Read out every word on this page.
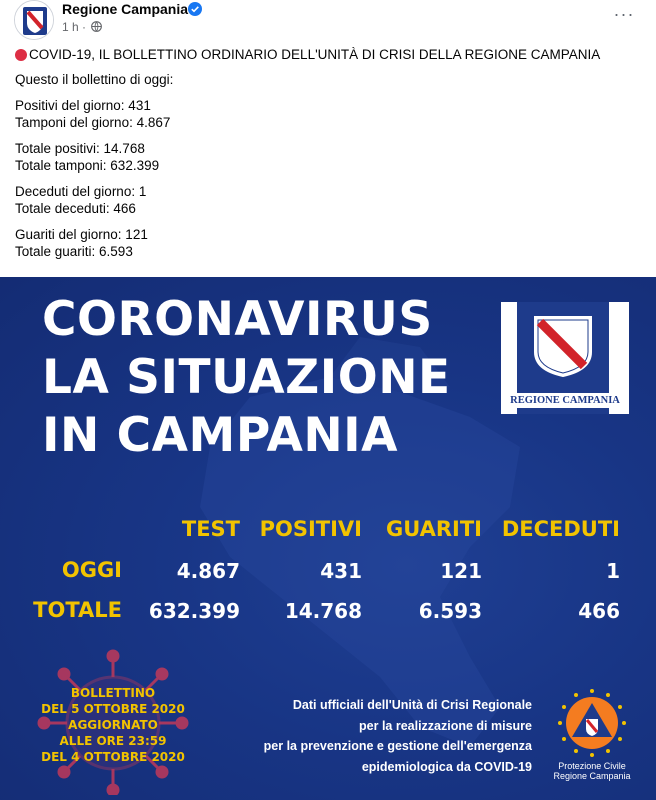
Regione Campania
1 h ·
···

COVID-19, IL BOLLETTINO ORDINARIO DELL'UNITÀ DI CRISI DELLA REGIONE CAMPANIA

Questo il bollettino di oggi:

Positivi del giorno: 431

Tamponi del giorno: 4.867

Totale positivi: 14.768

Totale tamponi: 632.399

Deceduti del giorno: 1

Totale deceduti: 466

Guariti del giorno: 121

Totale guariti: 6.593

CORONAVIRUS
LA SITUAZIONE
IN CAMPANIA
REGIONE CAMPANIA
TEST POSITIVI	GUARITI DECEDUTI
OGGI	4.867	431	121	1
TOTALE	632.399	14.768	6.593	466
BOLLETTINO
DEL 5 OTTOBRE 2020
AGGIORNATO
ALLE ORE 23:59
DEL 4 OTTOBRE 2020
Dati ufficiali dell'Unità di Crisi Regionale
per la realizzazione di misure
per la prevenzione e gestione dell'emergenza
epidemiologica da COVID-19	Protezione Civile
Regione Campania
